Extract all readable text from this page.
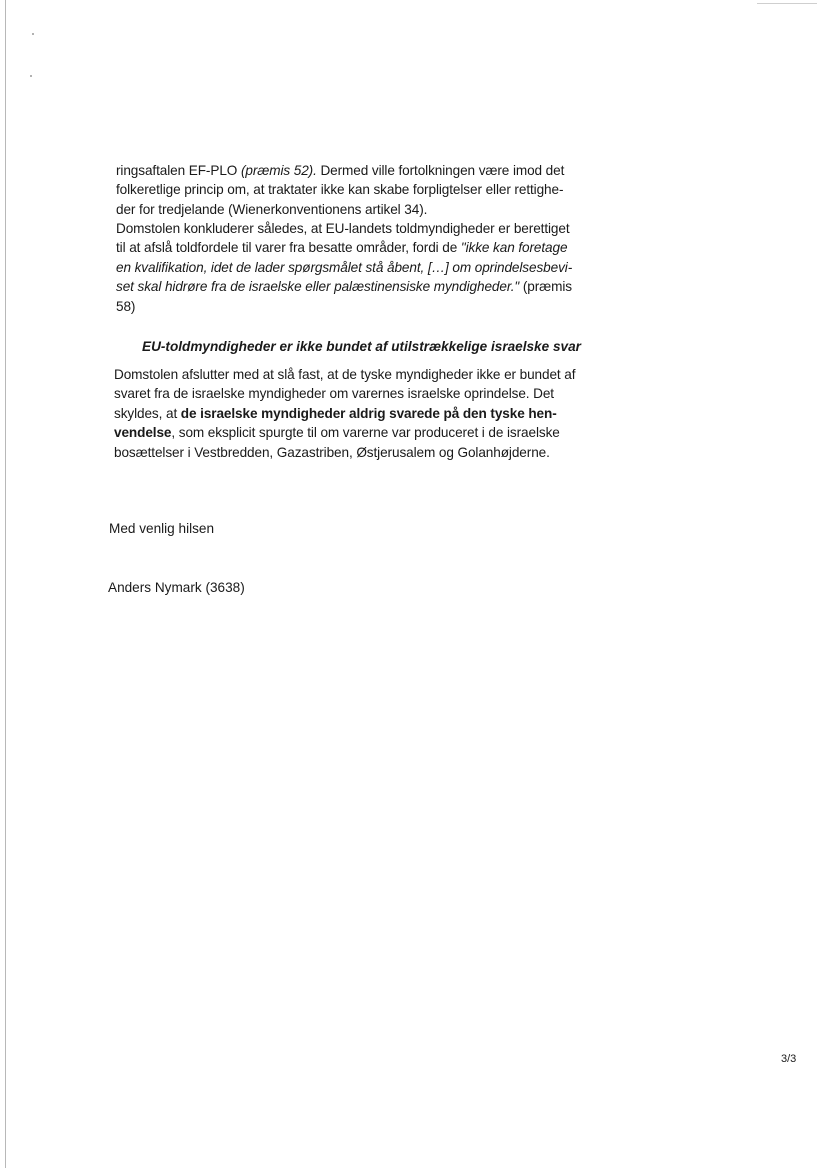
ringsaftalen EF-PLO (præmis 52). Dermed ville fortolkningen være imod det
folkeretlige princip om, at traktater ikke kan skabe forpligtelser eller rettighe-
der for tredjelande (Wienerkonventionens artikel 34).
Domstolen konkluderer således, at EU-landets toldmyndigheder er berettiget
til at afslå toldfordele til varer fra besatte områder, fordi de "ikke kan foretage
en kvalifikation, idet de lader spørgsmålet stå åbent, […] om oprindelsesbevi-
set skal hidrøre fra de israelske eller palæstinensiske myndigheder." (præmis
58)
EU-toldmyndigheder er ikke bundet af utilstrækkelige israelske svar
Domstolen afslutter med at slå fast, at de tyske myndigheder ikke er bundet af
svaret fra de israelske myndigheder om varernes israelske oprindelse. Det
skyldes, at de israelske myndigheder aldrig svarede på den tyske hen-
vendelse, som eksplicit spurgte til om varerne var produceret i de israelske
bosættelser i Vestbredden, Gazastriben, Østjerusalem og Golanhøjderne.
Med venlig hilsen
Anders Nymark (3638)
3/3
